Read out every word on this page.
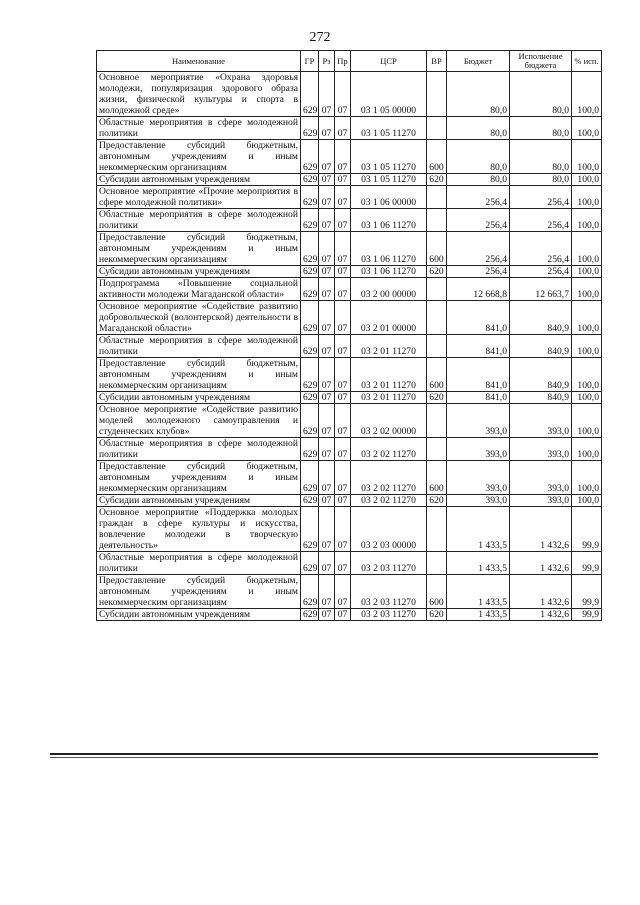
272
Наименование	ГР	Рз	Пр	ЦСР	ВР	Бюджет	Исполнение бюджета	% исп.
Основное мероприятие «Охрана здоровья молодежи, популяризация здорового образа жизни, физической культуры и спорта в молодежной среде»	629	07	07	03 1 05 00000		80,0	80,0	100,0
Областные мероприятия в сфере молодежной политики	629	07	07	03 1 05 11270		80,0	80,0	100,0
Предоставление субсидий бюджетным, автономным учреждениям и иным некоммерческим организациям	629	07	07	03 1 05 11270	600	80,0	80,0	100,0
Субсидии автономным учреждениям	629	07	07	03 1 05 11270	620	80,0	80,0	100,0
Основное мероприятие «Прочие мероприятия в сфере молодежной политики»	629	07	07	03 1 06 00000		256,4	256,4	100,0
Областные мероприятия в сфере молодежной политики	629	07	07	03 1 06 11270		256,4	256,4	100,0
Предоставление субсидий бюджетным, автономным учреждениям и иным некоммерческим организациям	629	07	07	03 1 06 11270	600	256,4	256,4	100,0
Субсидии автономным учреждениям	629	07	07	03 1 06 11270	620	256,4	256,4	100,0
Подпрограмма «Повышение социальной активности молодежи Магаданской области»	629	07	07	03 2 00 00000		12 668,8	12 663,7	100,0
Основное мероприятие «Содействие развитию добровольческой (волонтерской) деятельности в Магаданской области»	629	07	07	03 2 01 00000		841,0	840,9	100,0
Областные мероприятия в сфере молодежной политики	629	07	07	03 2 01 11270		841,0	840,9	100,0
Предоставление субсидий бюджетным, автономным учреждениям и иным некоммерческим организациям	629	07	07	03 2 01 11270	600	841,0	840,9	100,0
Субсидии автономным учреждениям	629	07	07	03 2 01 11270	620	841,0	840,9	100,0
Основное мероприятие «Содействие развитию моделей молодежного самоуправления и студенческих клубов»	629	07	07	03 2 02 00000		393,0	393,0	100,0
Областные мероприятия в сфере молодежной политики	629	07	07	03 2 02 11270		393,0	393,0	100,0
Предоставление субсидий бюджетным, автономным учреждениям и иным некоммерческим организациям	629	07	07	03 2 02 11270	600	393,0	393,0	100,0
Субсидии автономным учреждениям	629	07	07	03 2 02 11270	620	393,0	393,0	100,0
Основное мероприятие «Поддержка молодых граждан в сфере культуры и искусства, вовлечение молодежи в творческую деятельность»	629	07	07	03 2 03 00000		1 433,5	1 432,6	99,9
Областные мероприятия в сфере молодежной политики	629	07	07	03 2 03 11270		1 433,5	1 432,6	99,9
Предоставление субсидий бюджетным, автономным учреждениям и иным некоммерческим организациям	629	07	07	03 2 03 11270	600	1 433,5	1 432,6	99,9
Субсидии автономным учреждениям	629	07	07	03 2 03 11270	620	1 433,5	1 432,6	99,9
